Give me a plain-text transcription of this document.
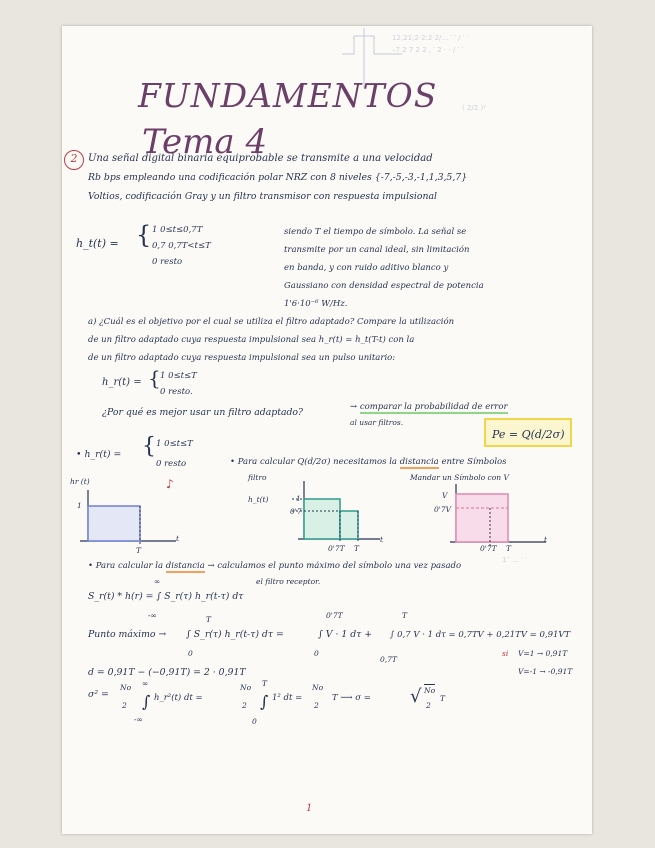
FUNDAMENTOS
Tema 4
12,21;2·2:2·2/… ′ ′ / ′ ′
–7 2 7 2 2 , ′ 2 · ‑ / ′ ′
( 2/2 )²
1′′ … ′ ′
2	Una señal digital binaria equiprobable se transmite a una velocidad
Rb bps empleando una codificación polar NRZ con 8 niveles {-7,-5,-3,-1,1,3,5,7}
Voltios, codificación Gray y un filtro transmisor con respuesta impulsional
h_t(t) = { 1 0≤t≤0,7T
0,7 0,7T<t≤T
0 resto
siendo T el tiempo de símbolo. La señal se
transmite por un canal ideal, sin limitación
en banda, y con ruido aditivo blanco y
Gaussiano con densidad espectral de potencia
1'6·10⁻⁶ W/Hz.
a) ¿Cuál es el objetivo por el cual se utiliza el filtro adaptado? Compare la utilización
de un filtro adaptado cuya respuesta impulsional sea h_r(t) = h_t(T-t) con la
de un filtro adaptado cuya respuesta impulsional sea un pulso unitario:
h_r(t) = { 1 0≤t≤T
0 resto.
¿Por qué es mejor usar un filtro adaptado?	→ comparar la probabilidad de error
al usar filtros.
Pe = Q(d/2σ)
• h_r(t) = { 1 0≤t≤T
0 resto	• Para calcular Q(d/2σ) necesitamos la distancia entre Símbolos
hr (t)
1
T
t
♪	filtro
h_t(t)	1
0'7
0'7T T
t
Mandar un Símbolo con V
V
0'7V
0'7T T
t
• Para calcular la distancia → calculamos el punto máximo del símbolo una vez pasado
el filtro receptor.
∞
S_r(t) * h(r) = ∫ S_r(τ) h_r(t-τ) dτ
-∞
Punto máximo →
T
∫ S_r(τ) h_r(t-τ) dτ =
0
0'7T
∫ V · 1 dτ +
0
T
∫ 0,7 V · 1 dτ = 0,7TV + 0,21TV = 0,91VT
0,7T
si V=1 → 0,91T
V=-1 → -0,91T
d = 0,91T − (−0,91T) = 2 · 0,91T
σ² =
No
2
∞
∫
-∞
h_r²(t) dt =
No
2
T
∫
0
1² dt =
No
2
T ⟶ σ = √ No
2
T
1
